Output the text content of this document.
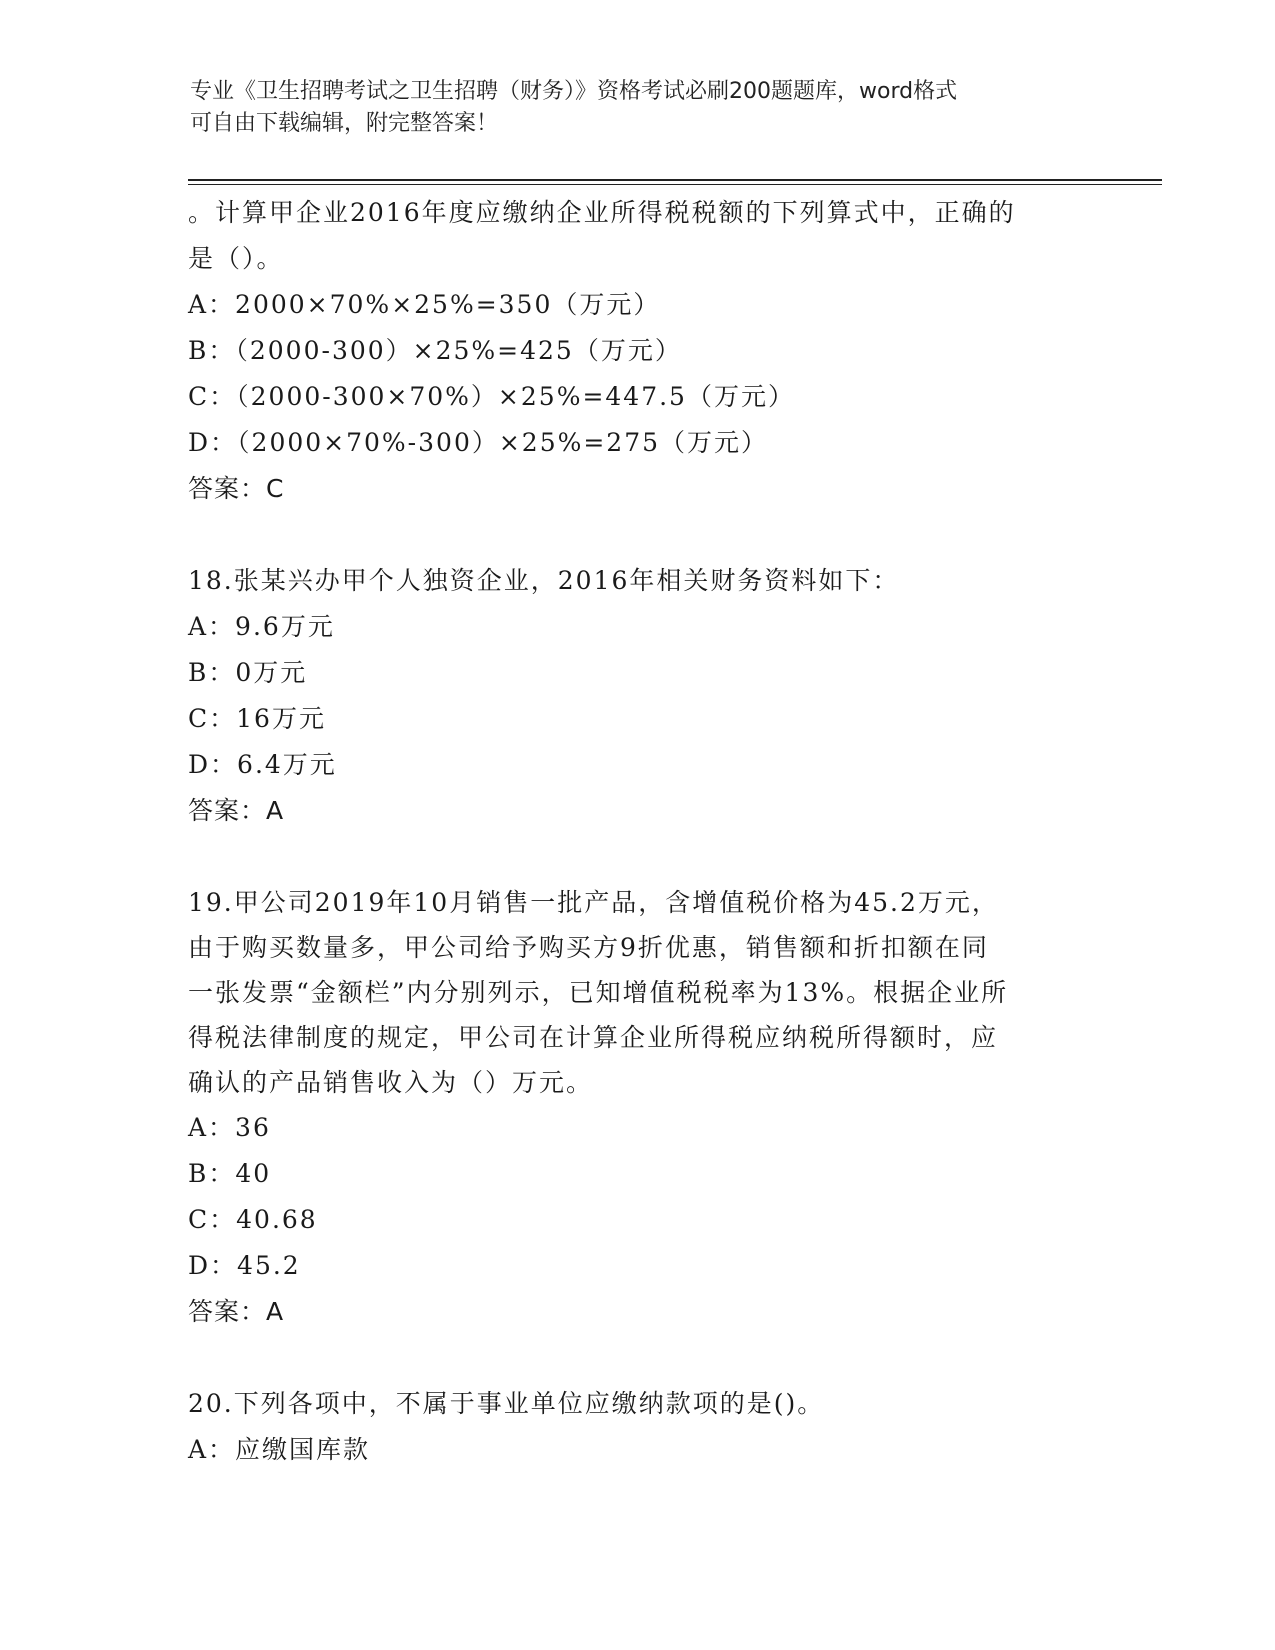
专业《卫生招聘考试之卫生招聘（财务）》资格考试必刷200题题库，word格式
可自由下载编辑，附完整答案！
。计算甲企业2016年度应缴纳企业所得税税额的下列算式中，正确的
是（）。
A：2000×70%×25%=350（万元）
B：（2000-300）×25%=425（万元）
C：（2000-300×70%）×25%=447.5（万元）
D：（2000×70%-300）×25%=275（万元）
答案：C
18.张某兴办甲个人独资企业，2016年相关财务资料如下：
A：9.6万元
B：0万元
C：16万元
D：6.4万元
答案：A
19.甲公司2019年10月销售一批产品，含增值税价格为45.2万元，
由于购买数量多，甲公司给予购买方9折优惠，销售额和折扣额在同
一张发票“金额栏”内分别列示，已知增值税税率为13%。根据企业所
得税法律制度的规定，甲公司在计算企业所得税应纳税所得额时，应
确认的产品销售收入为（）万元。
A：36
B：40
C：40.68
D：45.2
答案：A
20.下列各项中，不属于事业单位应缴纳款项的是()。
A：应缴国库款
